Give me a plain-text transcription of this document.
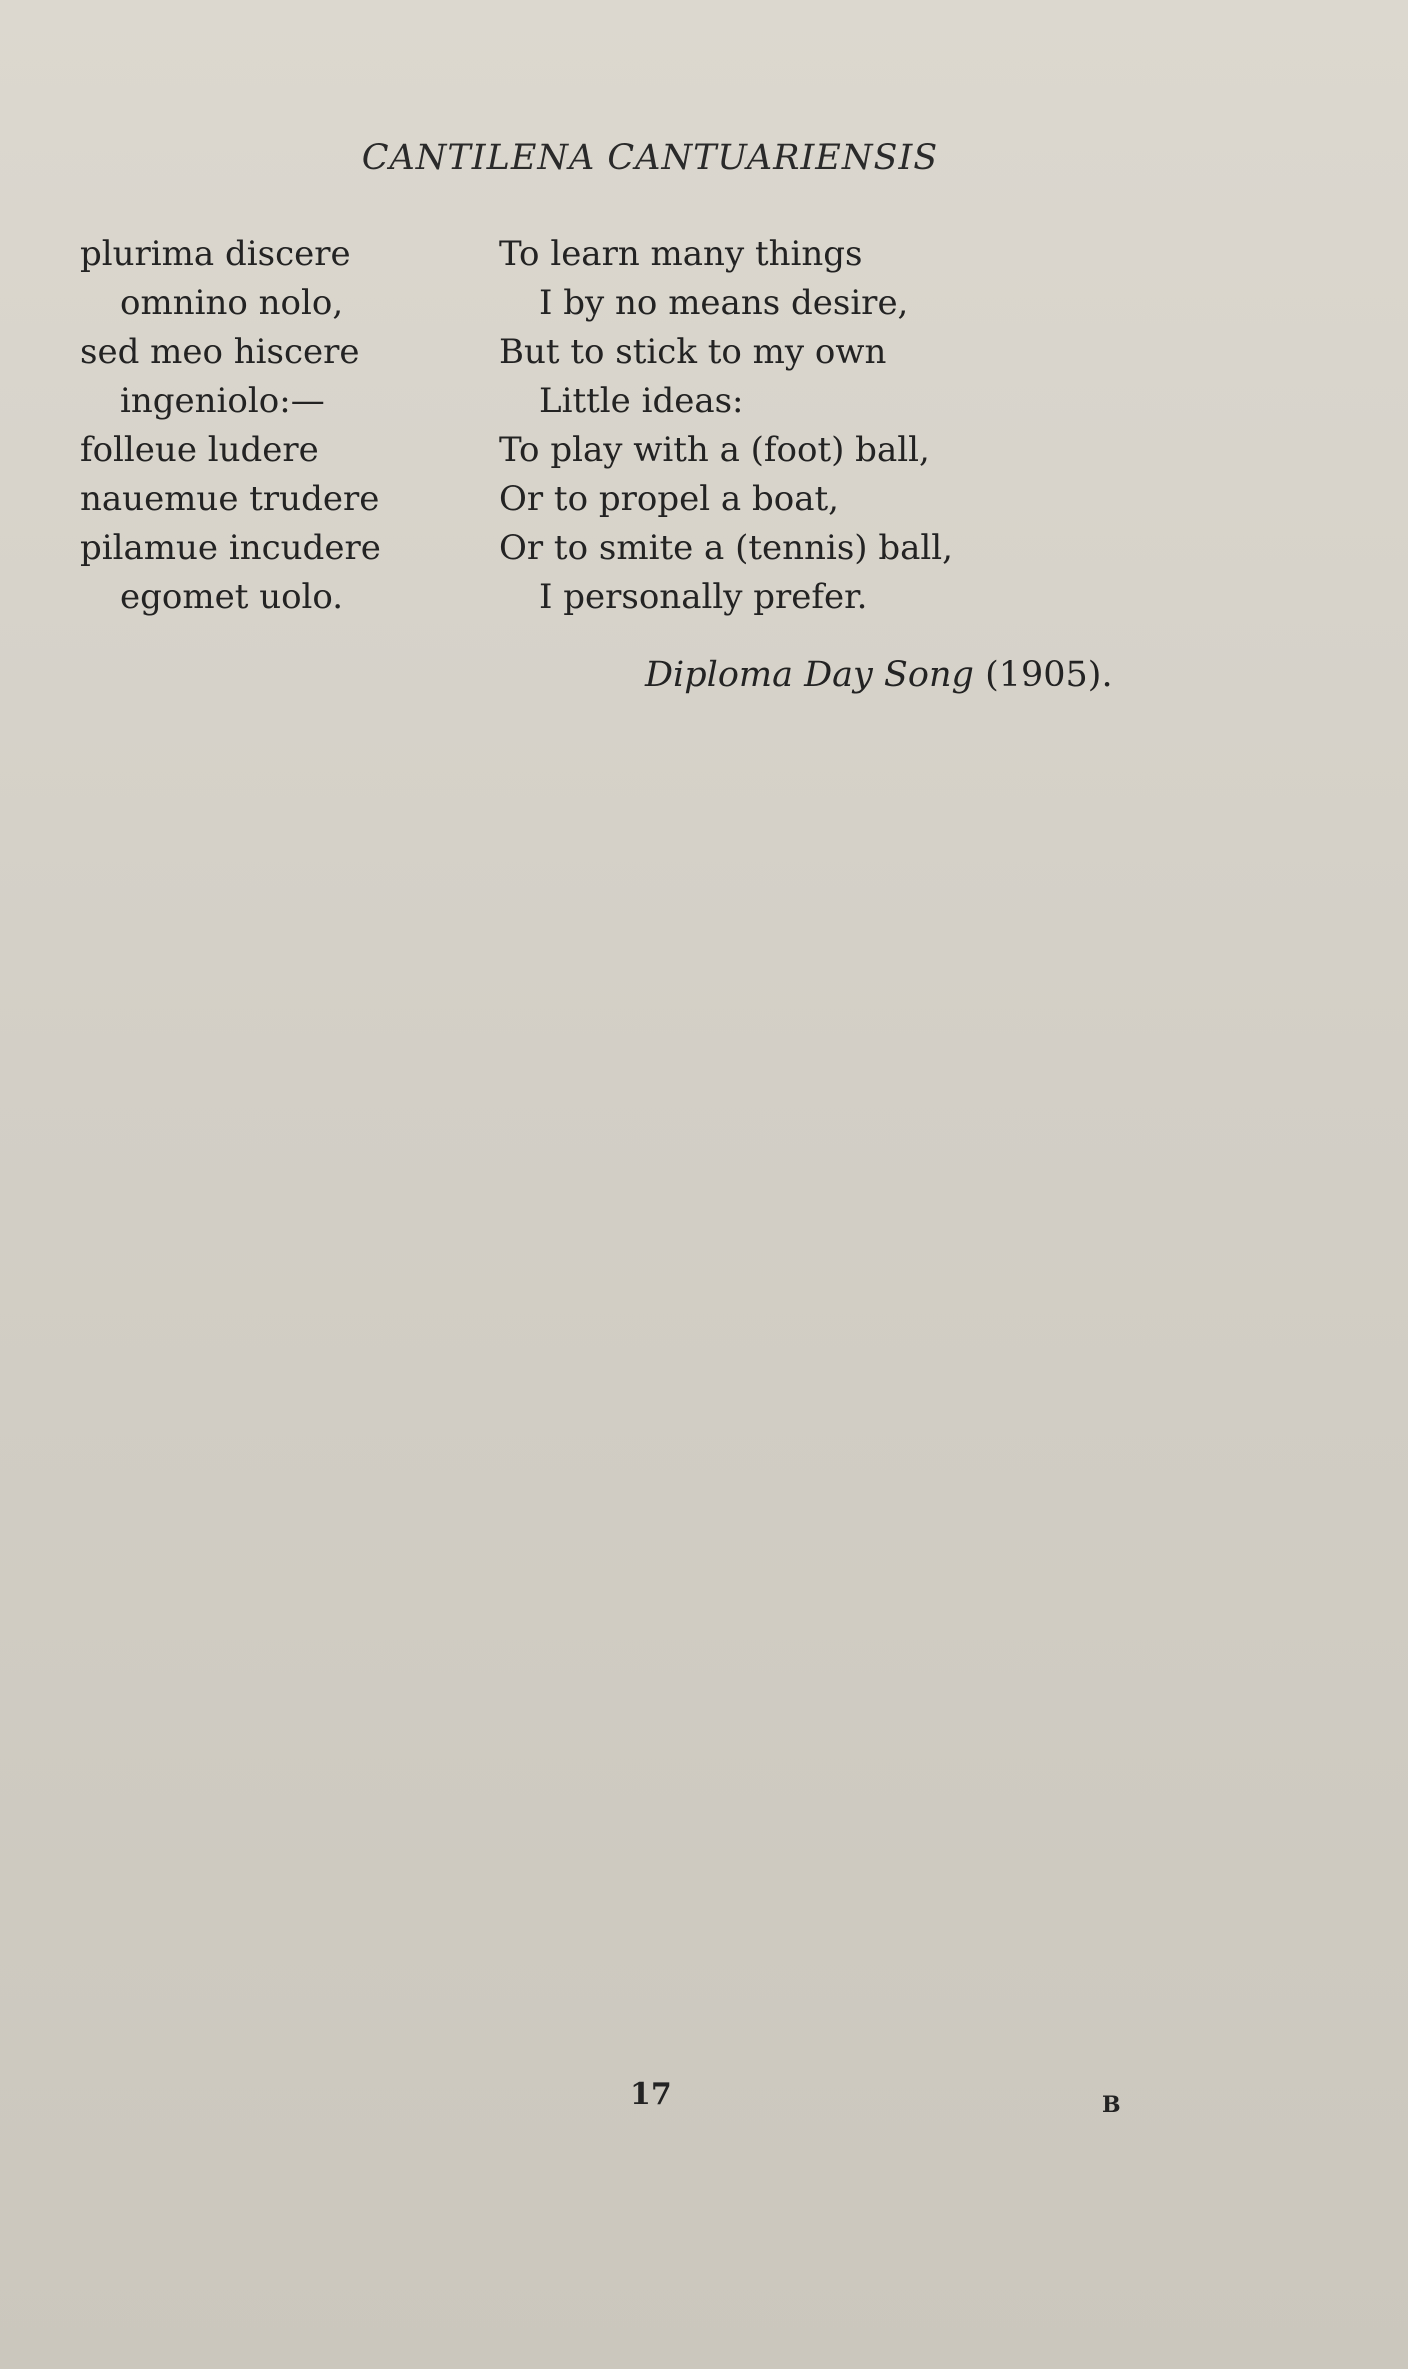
CANTILENA CANTUARIENSIS
plurima discere
omnino nolo,
sed meo hiscere
ingeniolo:—
folleue ludere
nauemue trudere
pilamue incudere
egomet uolo.
To learn many things
I by no means desire,
But to stick to my own
Little ideas:
To play with a (foot) ball,
Or to propel a boat,
Or to smite a (tennis) ball,
I personally prefer.
Diploma Day Song (1905).
17	B
